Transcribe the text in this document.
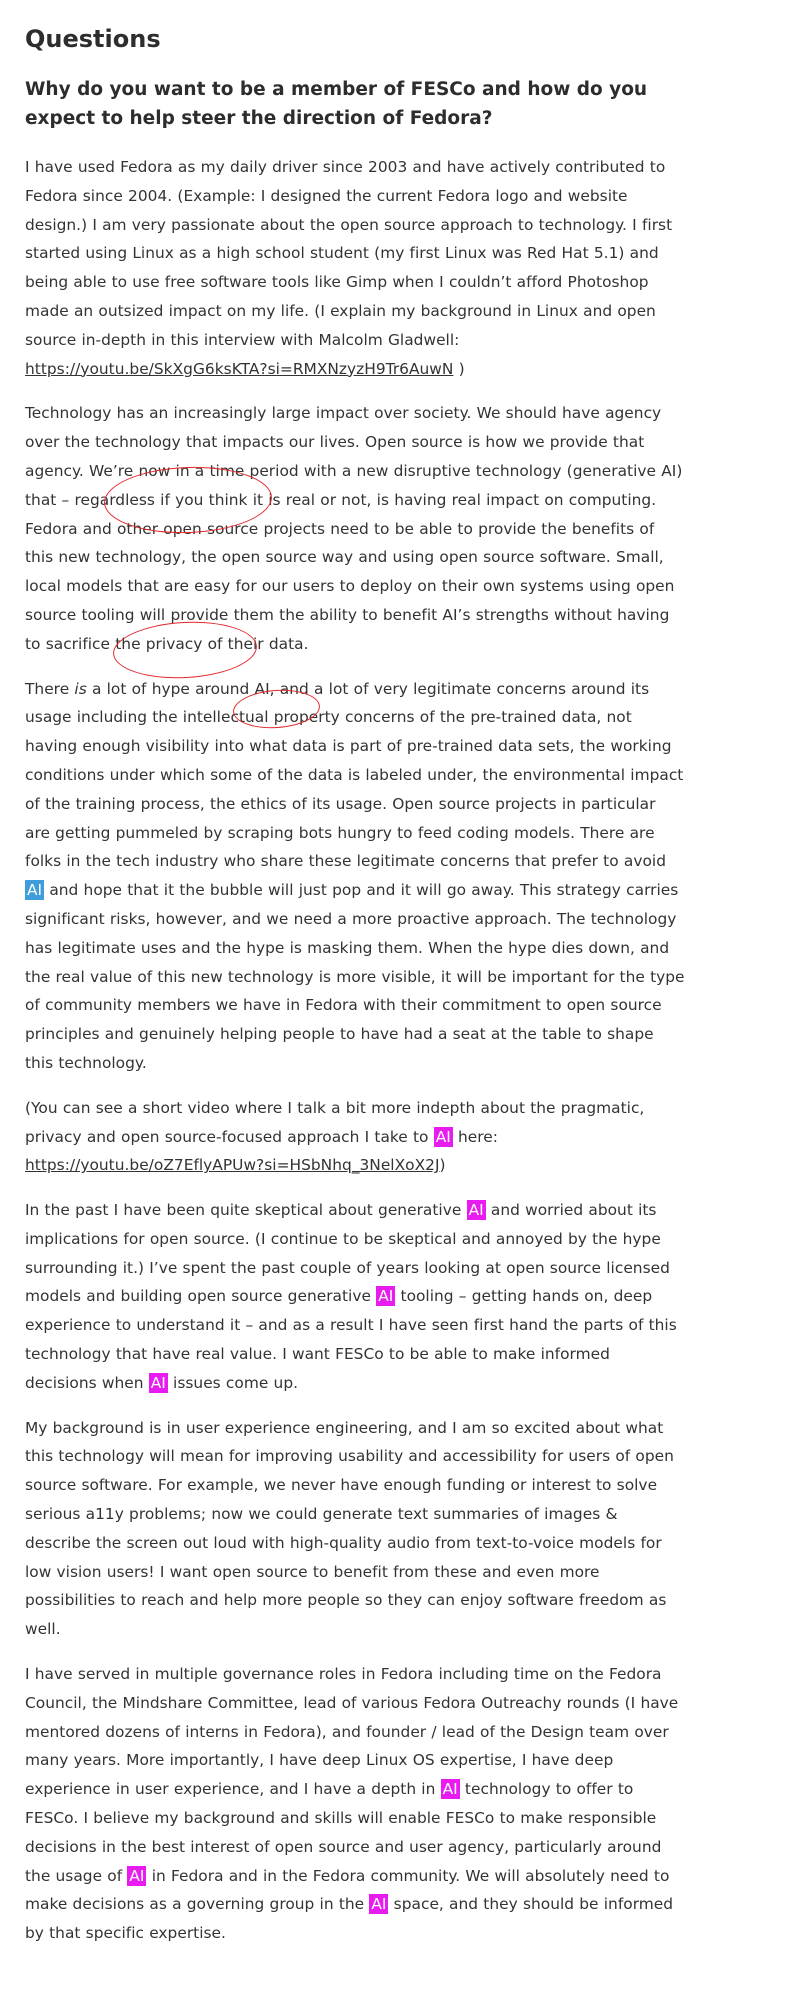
Questions
Why do you want to be a member of FESCo and how do you expect to help steer the direction of Fedora?

I have used Fedora as my daily driver since 2003 and have actively contributed to Fedora since 2004. (Example: I designed the current Fedora logo and website design.) I am very passionate about the open source approach to technology. I first started using Linux as a high school student (my first Linux was Red Hat 5.1) and being able to use free software tools like Gimp when I couldn’t afford Photoshop made an outsized impact on my life. (I explain my background in Linux and open source in-depth in this interview with Malcolm Gladwell: https://youtu.be/SkXgG6ksKTA?si=RMXNzyzH9Tr6AuwN )

Technology has an increasingly large impact over society. We should have agency over the technology that impacts our lives. Open source is how we provide that agency. We’re now in a time period with a new disruptive technology (generative AI) that – regardless if you think it is real or not, is having real impact on computing. Fedora and other open source projects need to be able to provide the benefits of this new technology, the open source way and using open source software. Small, local models that are easy for our users to deploy on their own systems using open source tooling will provide them the ability to benefit AI’s strengths without having to sacrifice the privacy of their data.

There is a lot of hype around AI, and a lot of very legitimate concerns around its usage including the intellectual property concerns of the pre-trained data, not having enough visibility into what data is part of pre-trained data sets, the working conditions under which some of the data is labeled under, the environmental impact of the training process, the ethics of its usage. Open source projects in particular are getting pummeled by scraping bots hungry to feed coding models. There are folks in the tech industry who share these legitimate concerns that prefer to avoid AI and hope that it the bubble will just pop and it will go away. This strategy carries significant risks, however, and we need a more proactive approach. The technology has legitimate uses and the hype is masking them. When the hype dies down, and the real value of this new technology is more visible, it will be important for the type of community members we have in Fedora with their commitment to open source principles and genuinely helping people to have had a seat at the table to shape this technology.

(You can see a short video where I talk a bit more indepth about the pragmatic, privacy and open source-focused approach I take to AI here: https://youtu.be/oZ7EflyAPUw?si=HSbNhq_3NelXoX2J)

In the past I have been quite skeptical about generative AI and worried about its implications for open source. (I continue to be skeptical and annoyed by the hype surrounding it.) I’ve spent the past couple of years looking at open source licensed models and building open source generative AI tooling – getting hands on, deep experience to understand it – and as a result I have seen first hand the parts of this technology that have real value. I want FESCo to be able to make informed decisions when AI issues come up.

My background is in user experience engineering, and I am so excited about what this technology will mean for improving usability and accessibility for users of open source software. For example, we never have enough funding or interest to solve serious a11y problems; now we could generate text summaries of images & describe the screen out loud with high-quality audio from text-to-voice models for low vision users! I want open source to benefit from these and even more possibilities to reach and help more people so they can enjoy software freedom as well.

I have served in multiple governance roles in Fedora including time on the Fedora Council, the Mindshare Committee, lead of various Fedora Outreachy rounds (I have mentored dozens of interns in Fedora), and founder / lead of the Design team over many years. More importantly, I have deep Linux OS expertise, I have deep experience in user experience, and I have a depth in AI technology to offer to FESCo. I believe my background and skills will enable FESCo to make responsible decisions in the best interest of open source and user agency, particularly around the usage of AI in Fedora and in the Fedora community. We will absolutely need to make decisions as a governing group in the AI space, and they should be informed by that specific expertise.
